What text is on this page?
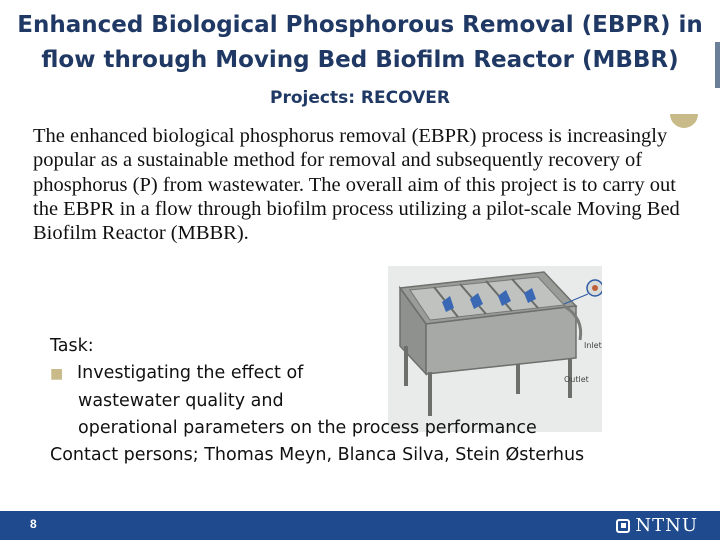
Enhanced Biological Phosphorous Removal (EBPR) in
flow through Moving Bed Biofilm Reactor (MBBR)
Projects: RECOVER
The enhanced biological phosphorus removal (EBPR) process is increasingly popular as a sustainable method for removal and subsequently recovery of phosphorus (P) from wastewater. The overall aim of this project is to carry out the EBPR in a flow through biofilm process utilizing a pilot-scale Moving Bed Biofilm Reactor (MBBR).
Inlet
Outlet
Task:
■ Investigating the effect of
wastewater quality and
operational parameters on the process performance
Contact persons; Thomas Meyn, Blanca Silva, Stein Østerhus
8	NTNU
